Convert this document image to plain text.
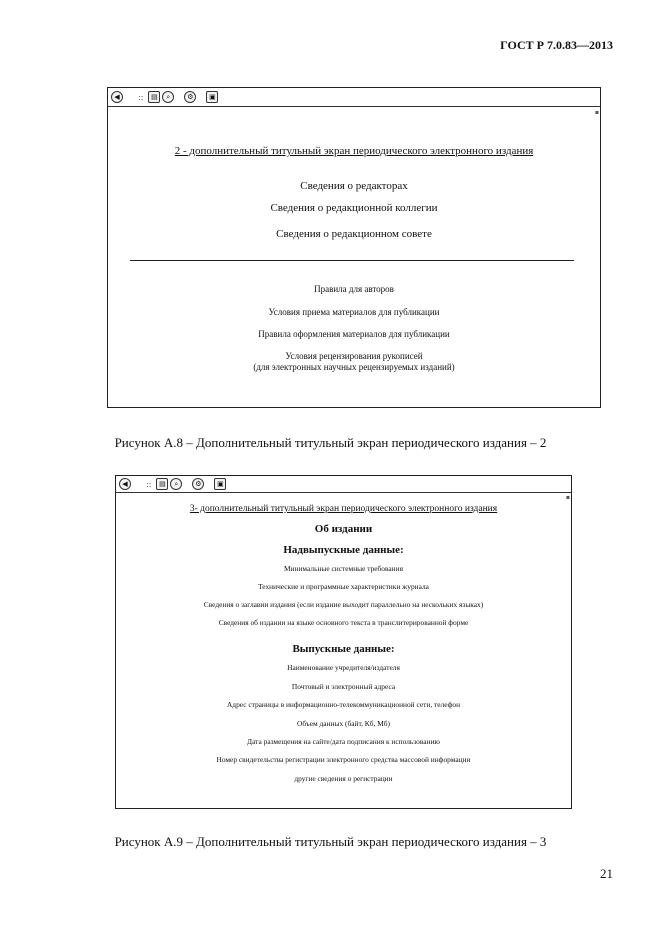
ГОСТ Р 7.0.83—2013
◀	::	▤	⌕	⚙	▣
▪
2 - дополнительный титульный экран периодического электронного издания
Сведения о редакторах
Сведения о редакционной коллегии
Сведения о редакционном совете
Правила для авторов
Условия приема материалов для публикации
Правила оформления материалов для публикации
Условия рецензирования рукописей
(для электронных научных рецензируемых изданий)
Рисунок А.8 – Дополнительный титульный экран периодического издания – 2
◀	::	▤	⌕	⚙	▣
▪
3- дополнительный титульный экран периодического электронного издания
Об издании
Надвыпускные данные:
Минимальные системные требования
Технические и программные характеристики журнала
Сведения о заглавии издания (если издание выходит параллельно на нескольких языках)
Сведения об издании на языке основного текста в транслитерированной форме
Выпускные данные:
Наименование учредителя/издателя
Почтовый и электронный адреса
Адрес страницы в информационно-телекоммуникационной сети, телефон
Объем данных (байт, Кб, Мб)
Дата размещения на сайте/дата подписания к использованию
Номер свидетельства регистрации электронного средства массовой информации
другие сведения о регистрации
Рисунок А.9 – Дополнительный титульный экран периодического издания – 3
21
